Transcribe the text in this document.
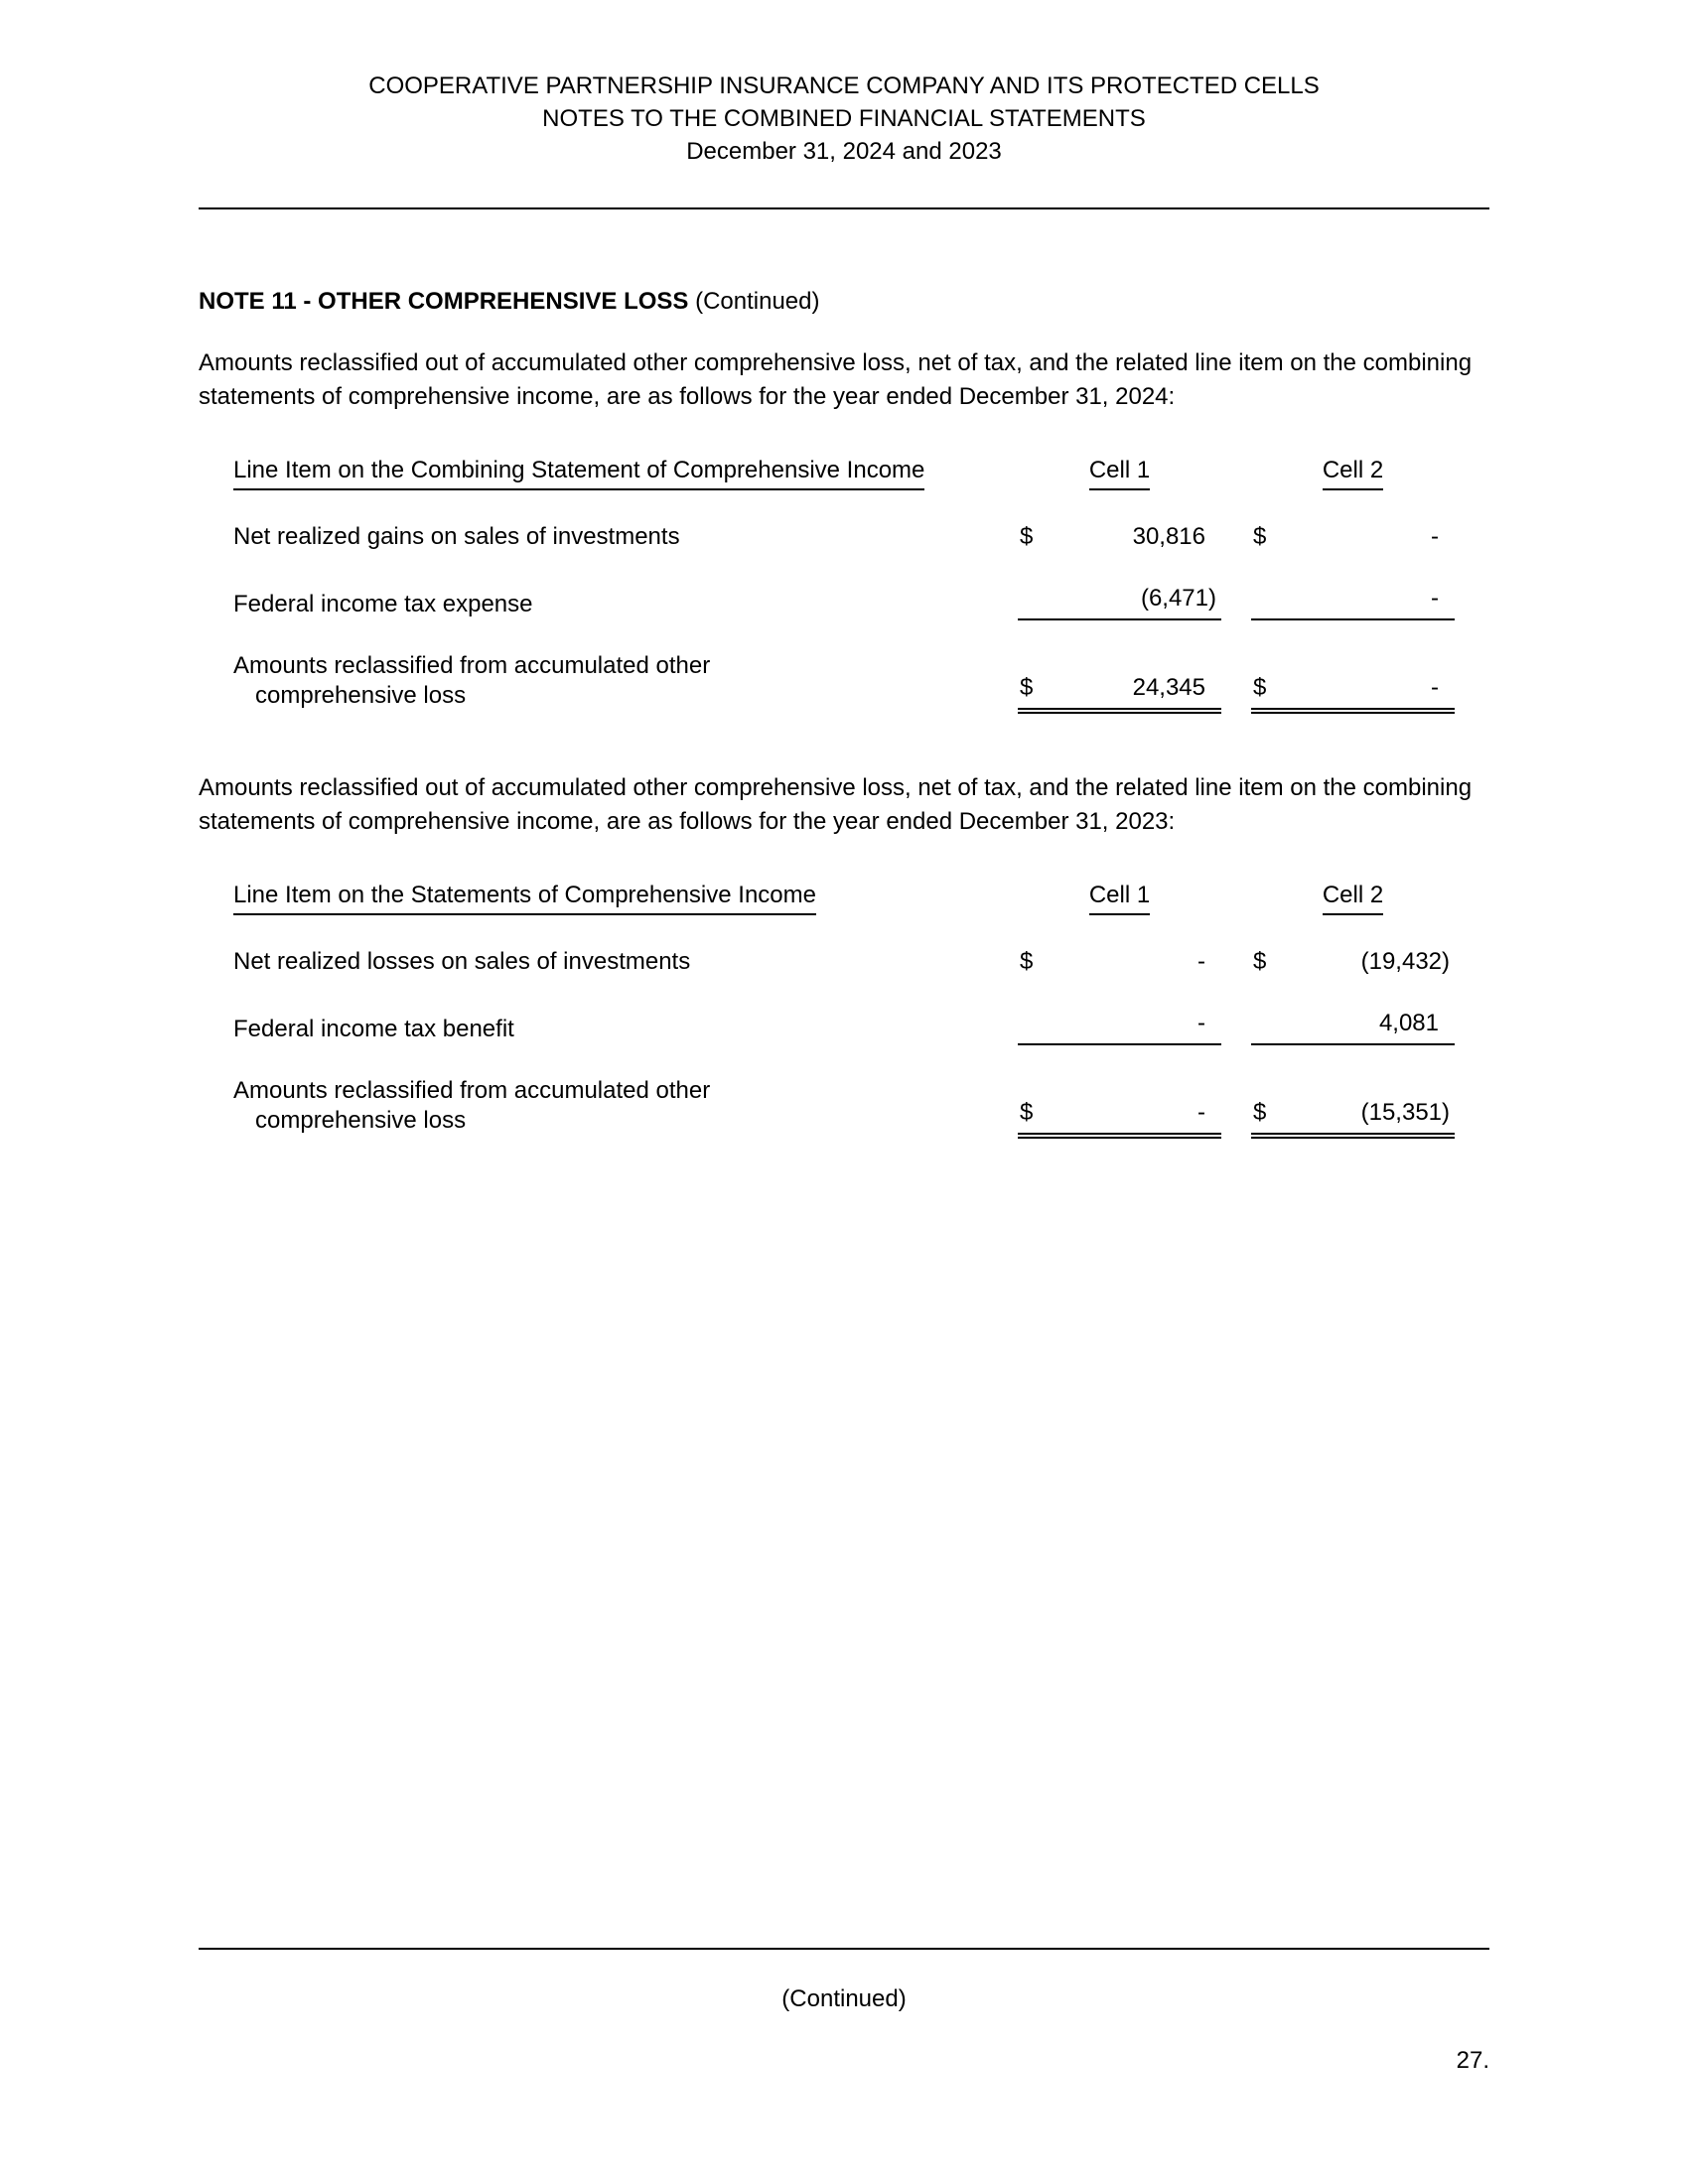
COOPERATIVE PARTNERSHIP INSURANCE COMPANY AND ITS PROTECTED CELLS
NOTES TO THE COMBINED FINANCIAL STATEMENTS
December 31, 2024 and 2023
NOTE 11 - OTHER COMPREHENSIVE LOSS (Continued)
Amounts reclassified out of accumulated other comprehensive loss, net of tax, and the related line item on the combining statements of comprehensive income, are as follows for the year ended December 31, 2024:
Line Item on the Combining Statement of Comprehensive Income	Cell 1			Cell 2	
Net realized gains on sales of investments	$	30,816		$	-
Federal income tax expense		(6,471)			-

Amounts reclassified from accumulated other
comprehensive loss	$	24,345		$	-
Amounts reclassified out of accumulated other comprehensive loss, net of tax, and the related line item on the combining statements of comprehensive income, are as follows for the year ended December 31, 2023:
Line Item on the Statements of Comprehensive Income	Cell 1			Cell 2	
Net realized losses on sales of investments	$	-		$	(19,432)
Federal income tax benefit		-			4,081

Amounts reclassified from accumulated other
comprehensive loss	$	-		$	(15,351)
(Continued)
27.
